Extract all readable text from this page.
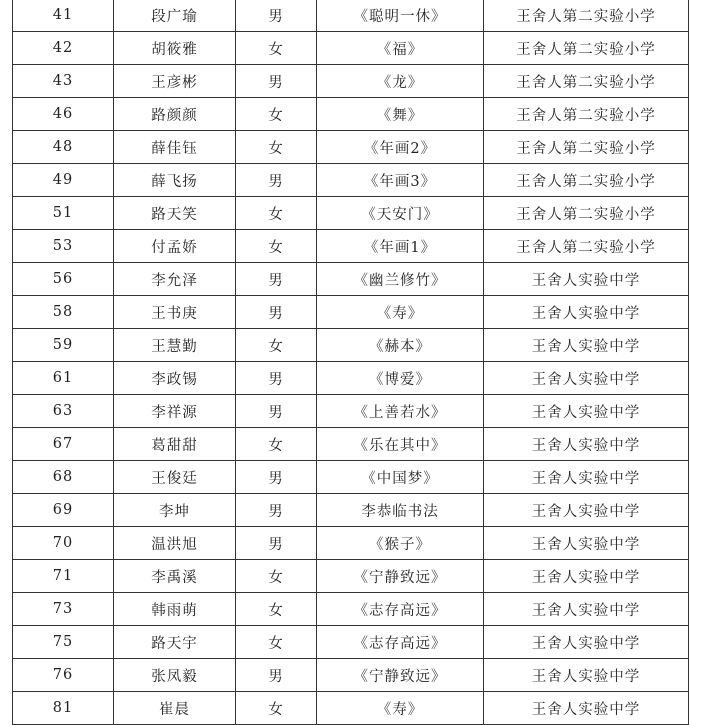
41	段广瑜	男	《聪明一休》	王舍人第二实验小学
42	胡筱雅	女	《福》	王舍人第二实验小学
43	王彦彬	男	《龙》	王舍人第二实验小学
46	路颜颜	女	《舞》	王舍人第二实验小学
48	薛佳钰	女	《年画2》	王舍人第二实验小学
49	薛飞扬	男	《年画3》	王舍人第二实验小学
51	路天笑	女	《天安门》	王舍人第二实验小学
53	付孟娇	女	《年画1》	王舍人第二实验小学
56	李允泽	男	《幽兰修竹》	王舍人实验中学
58	王书庚	男	《寿》	王舍人实验中学
59	王慧勤	女	《赫本》	王舍人实验中学
61	李政锡	男	《博爱》	王舍人实验中学
63	李祥源	男	《上善若水》	王舍人实验中学
67	葛甜甜	女	《乐在其中》	王舍人实验中学
68	王俊廷	男	《中国梦》	王舍人实验中学
69	李坤	男	李恭临书法	王舍人实验中学
70	温洪旭	男	《猴子》	王舍人实验中学
71	李禹溪	女	《宁静致远》	王舍人实验中学
73	韩雨萌	女	《志存高远》	王舍人实验中学
75	路天宇	女	《志存高远》	王舍人实验中学
76	张凤毅	男	《宁静致远》	王舍人实验中学
81	崔晨	女	《寿》	王舍人实验中学
